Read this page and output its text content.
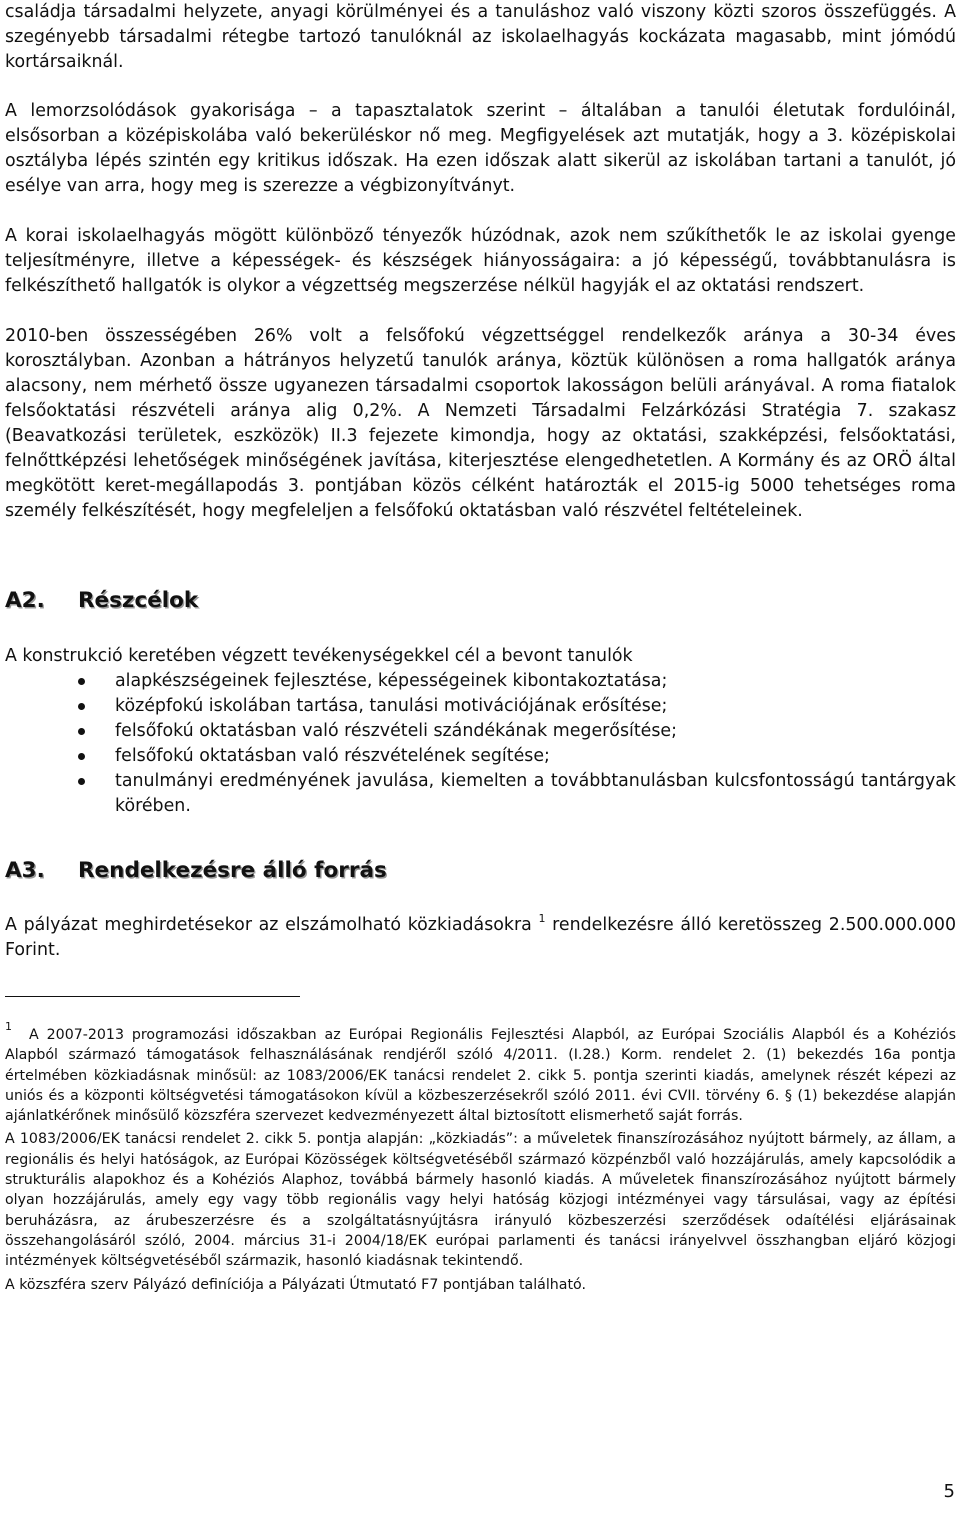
családja társadalmi helyzete, anyagi körülményei és a tanuláshoz való viszony közti szoros összefüggés. A szegényebb társadalmi rétegbe tartozó tanulóknál az iskolaelhagyás kockázata magasabb, mint jómódú kortársaiknál.

A lemorzsolódások gyakorisága – a tapasztalatok szerint – általában a tanulói életutak fordulóinál, elsősorban a középiskolába való bekerüléskor nő meg. Megfigyelések azt mutatják, hogy a 3. középiskolai osztályba lépés szintén egy kritikus időszak. Ha ezen időszak alatt sikerül az iskolában tartani a tanulót, jó esélye van arra, hogy meg is szerezze a végbizonyítványt.

A korai iskolaelhagyás mögött különböző tényezők húzódnak, azok nem szűkíthetők le az iskolai gyenge teljesítményre, illetve a képességek- és készségek hiányosságaira: a jó képességű, továbbtanulásra is felkészíthető hallgatók is olykor a végzettség megszerzése nélkül hagyják el az oktatási rendszert.

2010-ben összességében 26% volt a felsőfokú végzettséggel rendelkezők aránya a 30-34 éves korosztályban. Azonban a hátrányos helyzetű tanulók aránya, köztük különösen a roma hallgatók aránya alacsony, nem mérhető össze ugyanezen társadalmi csoportok lakosságon belüli arányával. A roma fiatalok felsőoktatási részvételi aránya alig 0,2%. A Nemzeti Társadalmi Felzárkózási Stratégia 7. szakasz (Beavatkozási területek, eszközök) II.3 fejezete kimondja, hogy az oktatási, szakképzési, felsőoktatási, felnőttképzési lehetőségek minőségének javítása, kiterjesztése elengedhetetlen. A Kormány és az ORÖ által megkötött keret-megállapodás 3. pontjában közös célként határozták el 2015-ig 5000 tehetséges roma személy felkészítését, hogy megfeleljen a felsőfokú oktatásban való részvétel feltételeinek.

A2.	Részcélok

A konstrukció keretében végzett tevékenységekkel cél a bevont tanulók

alapkészségeinek fejlesztése, képességeinek kibontakoztatása;
középfokú iskolában tartása, tanulási motivációjának erősítése;
felsőfokú oktatásban való részvételi szándékának megerősítése;
felsőfokú oktatásban való részvételének segítése;
tanulmányi eredményének javulása, kiemelten a továbbtanulásban kulcsfontosságú tantárgyak körében.
A3.	Rendelkezésre álló forrás

A pályázat meghirdetésekor az elszámolható közkiadásokra $^1$ rendelkezésre álló keretösszeg 2.500.000.000 Forint.

1A 2007-2013 programozási időszakban az Európai Regionális Fejlesztési Alapból, az Európai Szociális Alapból és a Kohéziós Alapból származó támogatások felhasználásának rendjéről szóló 4/2011. (I.28.) Korm. rendelet 2. (1) bekezdés 16a pontja értelmében közkiadásnak minősül: az 1083/2006/EK tanácsi rendelet 2. cikk 5. pontja szerinti kiadás, amelynek részét képezi az uniós és a központi költségvetési támogatásokon kívül a közbeszerzésekről szóló 2011. évi CVII. törvény 6. § (1) bekezdése alapján ajánlatkérőnek minősülő közszféra szervezet kedvezményezett által biztosított elismerhető saját forrás.

A 1083/2006/EK tanácsi rendelet 2. cikk 5. pontja alapján: „közkiadás”: a műveletek finanszírozásához nyújtott bármely, az állam, a regionális és helyi hatóságok, az Európai Közösségek költségvetéséből származó közpénzből való hozzájárulás, amely kapcsolódik a strukturális alapokhoz és a Kohéziós Alaphoz, továbbá bármely hasonló kiadás. A műveletek finanszírozásához nyújtott bármely olyan hozzájárulás, amely egy vagy több regionális vagy helyi hatóság közjogi intézményei vagy társulásai, vagy az építési beruházásra, az árubeszerzésre és a szolgáltatásnyújtásra irányuló közbeszerzési szerződések odaítélési eljárásainak összehangolásáról szóló, 2004. március 31-i 2004/18/EK európai parlamenti és tanácsi irányelvvel összhangban eljáró közjogi intézmények költségvetéséből származik, hasonló kiadásnak tekintendő.

A közszféra szerv Pályázó definíciója a Pályázati Útmutató F7 pontjában található.

5
